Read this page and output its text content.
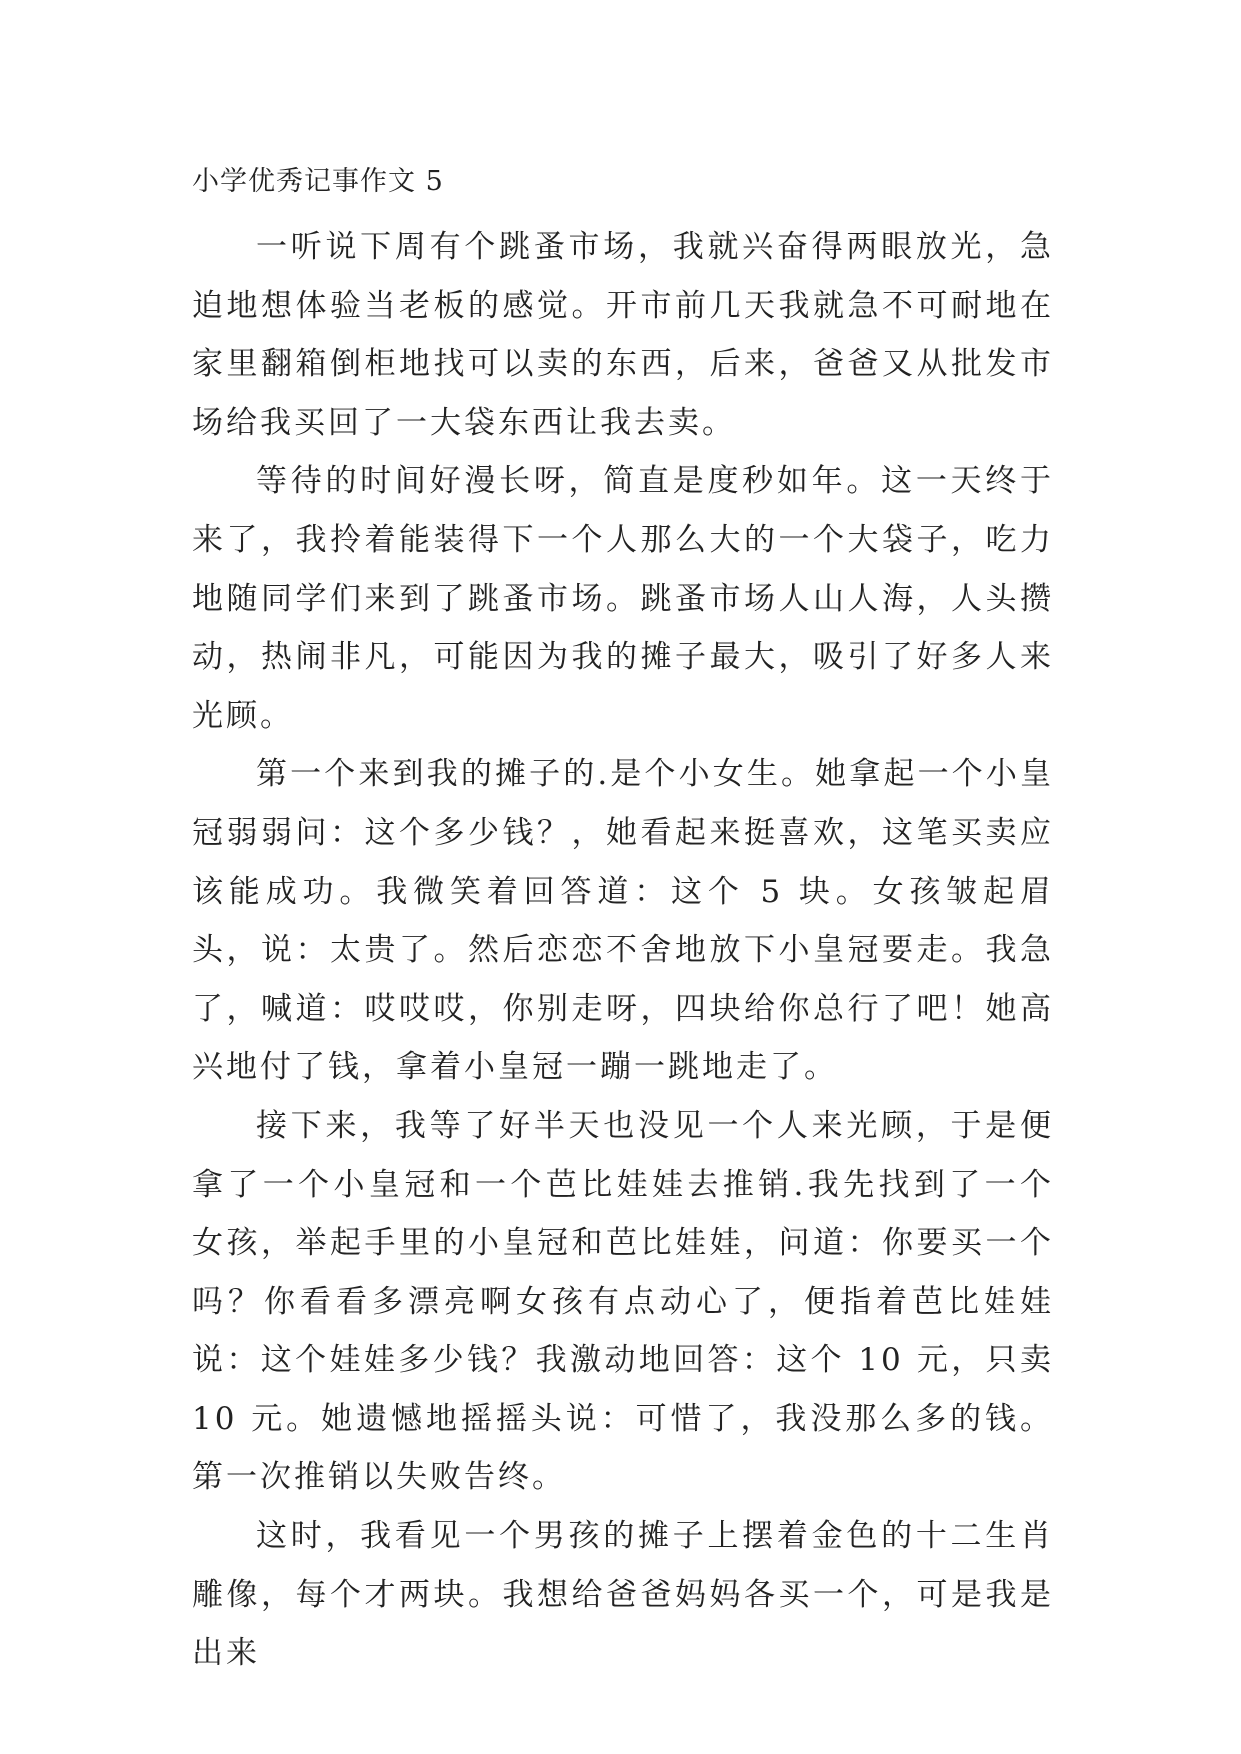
小学优秀记事作文 5

一听说下周有个跳蚤市场，我就兴奋得两眼放光，急迫地想体验当老板的感觉。开市前几天我就急不可耐地在家里翻箱倒柜地找可以卖的东西，后来，爸爸又从批发市场给我买回了一大袋东西让我去卖。

等待的时间好漫长呀，简直是度秒如年。这一天终于来了，我拎着能装得下一个人那么大的一个大袋子，吃力地随同学们来到了跳蚤市场。跳蚤市场人山人海，人头攒动，热闹非凡，可能因为我的摊子最大，吸引了好多人来光顾。

第一个来到我的摊子的.是个小女生。她拿起一个小皇冠弱弱问：这个多少钱？，她看起来挺喜欢，这笔买卖应该能成功。我微笑着回答道：这个 5 块。女孩皱起眉头，说：太贵了。然后恋恋不舍地放下小皇冠要走。我急了，喊道：哎哎哎，你别走呀，四块给你总行了吧！她高兴地付了钱，拿着小皇冠一蹦一跳地走了。

接下来，我等了好半天也没见一个人来光顾，于是便拿了一个小皇冠和一个芭比娃娃去推销.我先找到了一个女孩，举起手里的小皇冠和芭比娃娃，问道：你要买一个吗？你看看多漂亮啊女孩有点动心了，便指着芭比娃娃说：这个娃娃多少钱？我激动地回答：这个 10 元，只卖 10 元。她遗憾地摇摇头说：可惜了，我没那么多的钱。第一次推销以失败告终。

这时，我看见一个男孩的摊子上摆着金色的十二生肖雕像，每个才两块。我想给爸爸妈妈各买一个，可是我是出来
